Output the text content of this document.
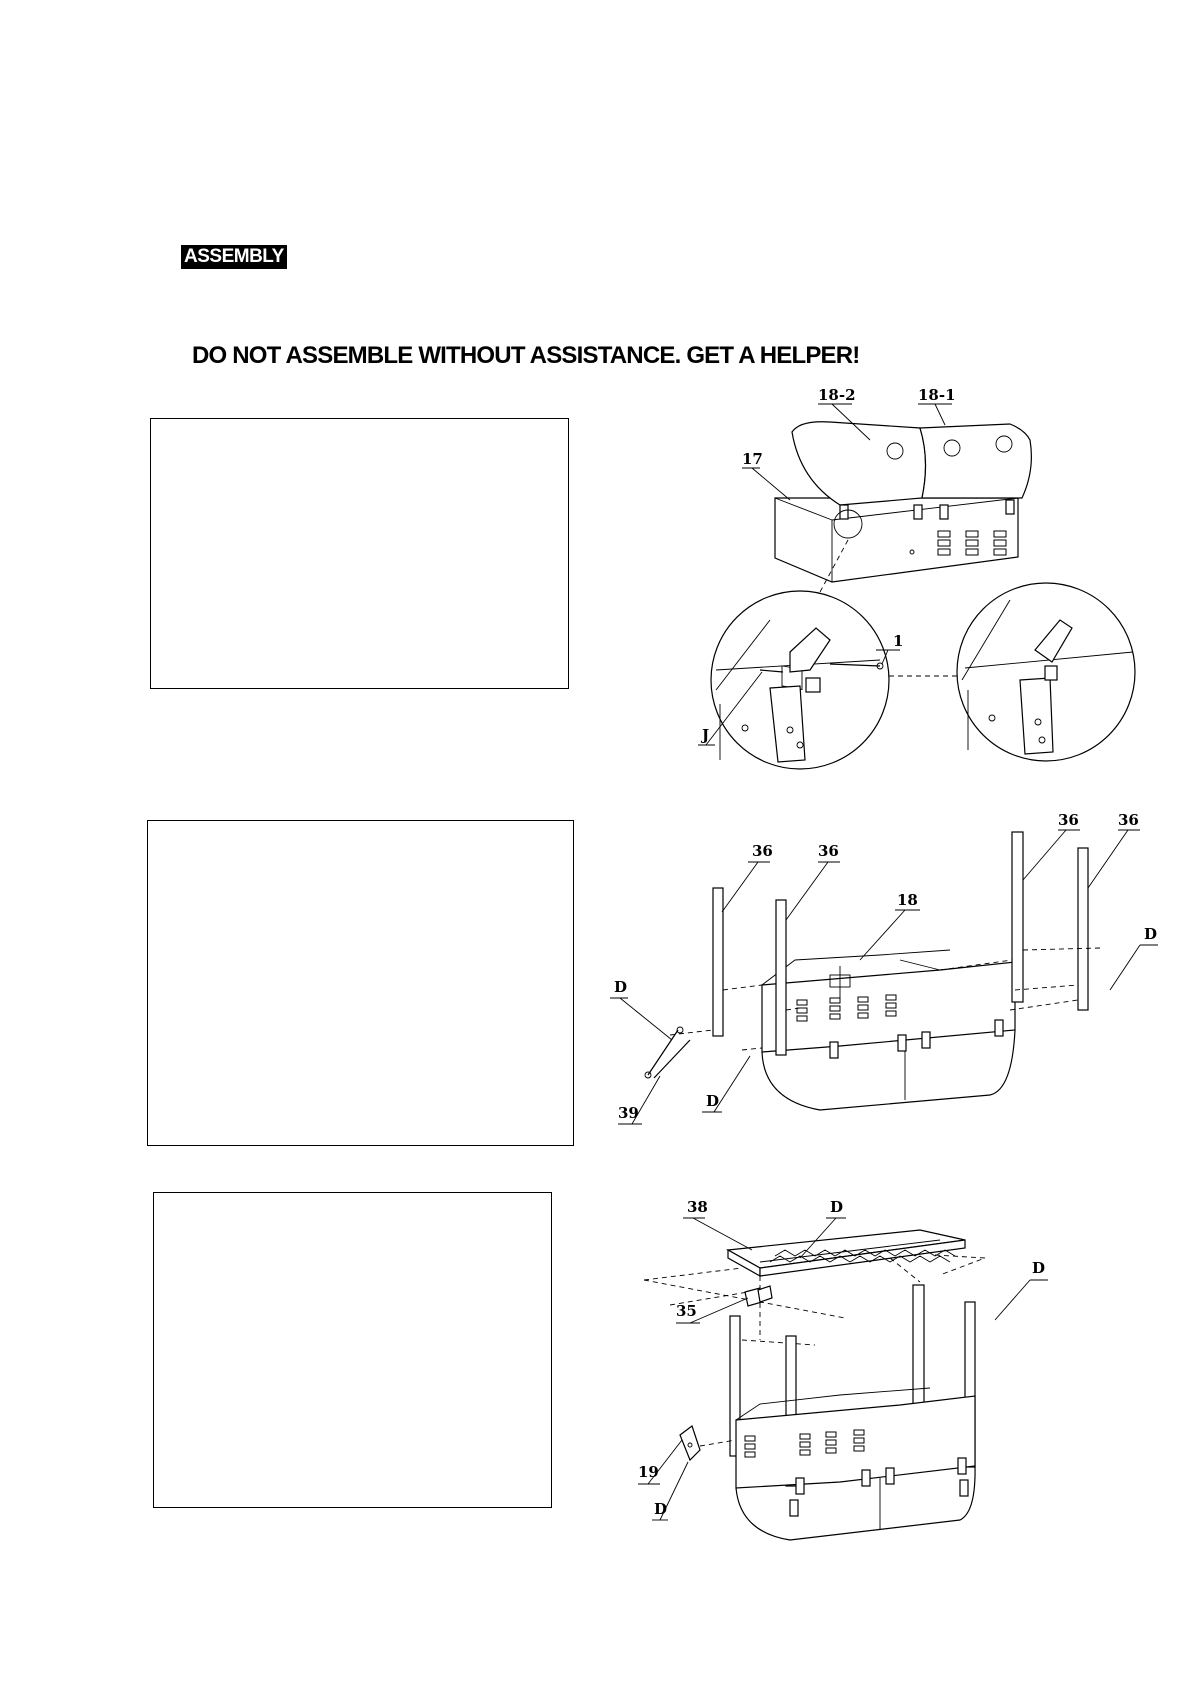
ASSEMBLY
DO NOT ASSEMBLE WITHOUT ASSISTANCE. GET A HELPER!
18-2	18-1
17
1
J
36	36
36	36
18
D
D
39
D
38	D
D
35
19
D
